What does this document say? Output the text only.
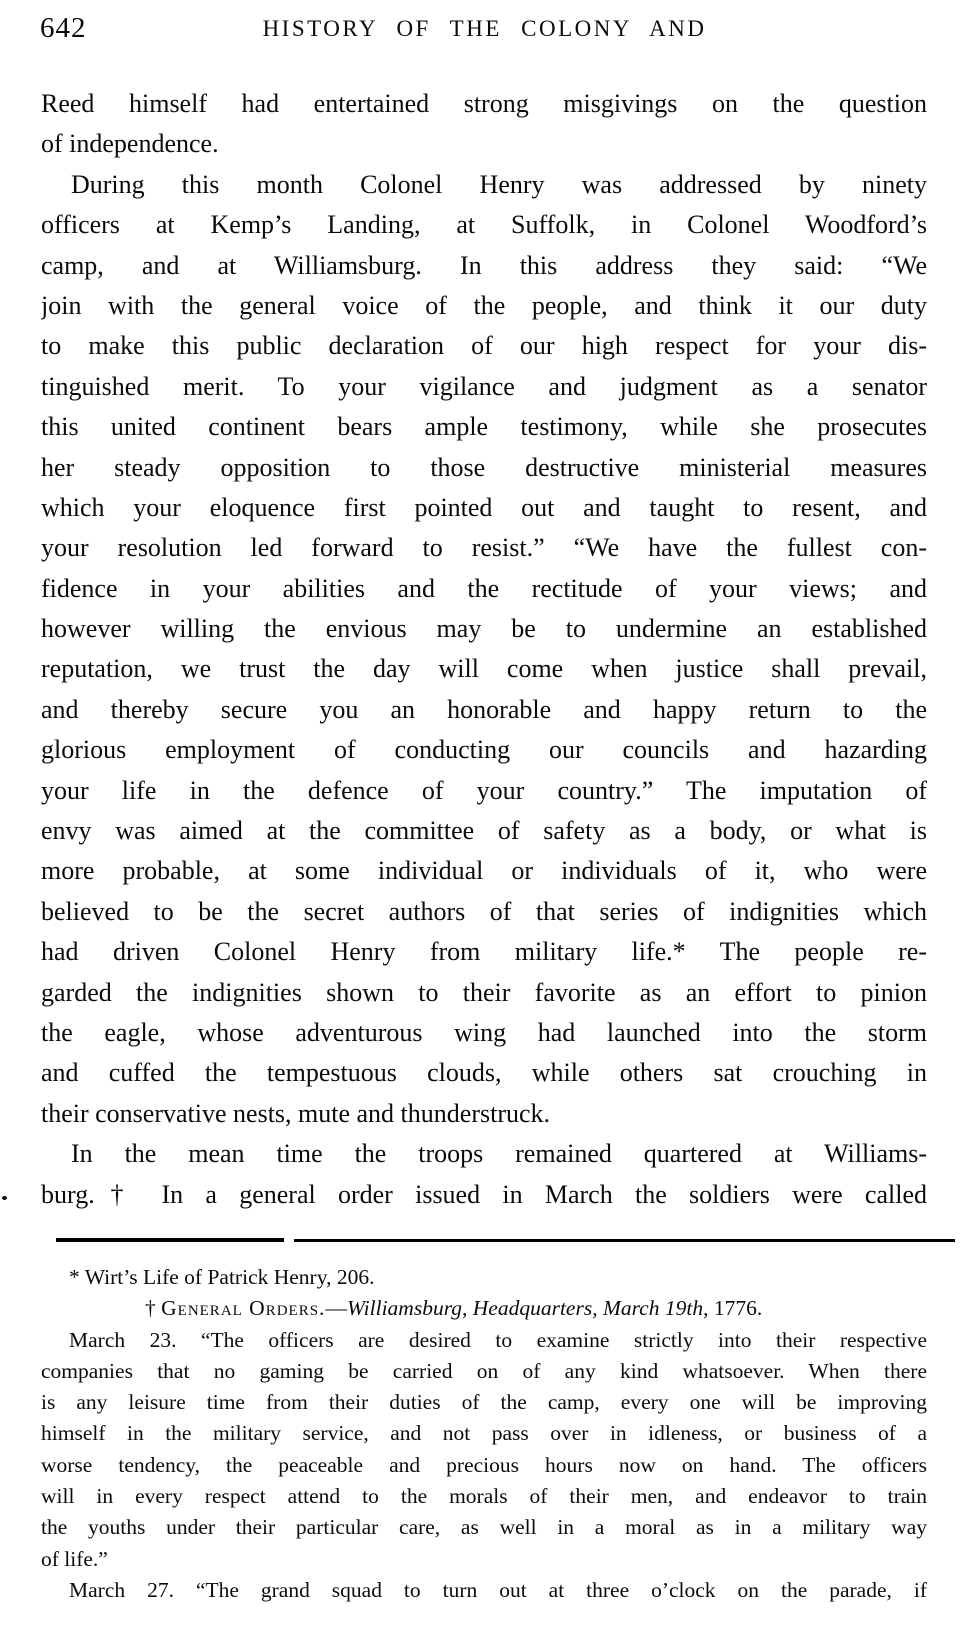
642	HISTORY OF THE COLONY AND
Reed himself had entertained strong misgivings on the question
of independence.
During this month Colonel Henry was addressed by ninety
officers at Kemp’s Landing, at Suffolk, in Colonel Woodford’s
camp, and at Williamsburg. In this address they said: “We
join with the general voice of the people, and think it our duty
to make this public declaration of our high respect for your dis-
tinguished merit. To your vigilance and judgment as a senator
this united continent bears ample testimony, while she prosecutes
her steady opposition to those destructive ministerial measures
which your eloquence first pointed out and taught to resent, and
your resolution led forward to resist.” “We have the fullest con-
fidence in your abilities and the rectitude of your views; and
however willing the envious may be to undermine an established
reputation, we trust the day will come when justice shall prevail,
and thereby secure you an honorable and happy return to the
glorious employment of conducting our councils and hazarding
your life in the defence of your country.” The imputation of
envy was aimed at the committee of safety as a body, or what is
more probable, at some individual or individuals of it, who were
believed to be the secret authors of that series of indignities which
had driven Colonel Henry from military life.* The people re-
garded the indignities shown to their favorite as an effort to pinion
the eagle, whose adventurous wing had launched into the storm
and cuffed the tempestuous clouds, while others sat crouching in
their conservative nests, mute and thunderstruck.
In the mean time the troops remained quartered at Williams-
burg.† In a general order issued in March the soldiers were called
* Wirt’s Life of Patrick Henry, 206.
† General Orders.—Williamsburg, Headquarters, March 19th, 1776.
March 23. “The officers are desired to examine strictly into their respective
companies that no gaming be carried on of any kind whatsoever. When there
is any leisure time from their duties of the camp, every one will be improving
himself in the military service, and not pass over in idleness, or business of a
worse tendency, the peaceable and precious hours now on hand. The officers
will in every respect attend to the morals of their men, and endeavor to train
the youths under their particular care, as well in a moral as in a military way
of life.”
March 27. “The grand squad to turn out at three o’clock on the parade, if
